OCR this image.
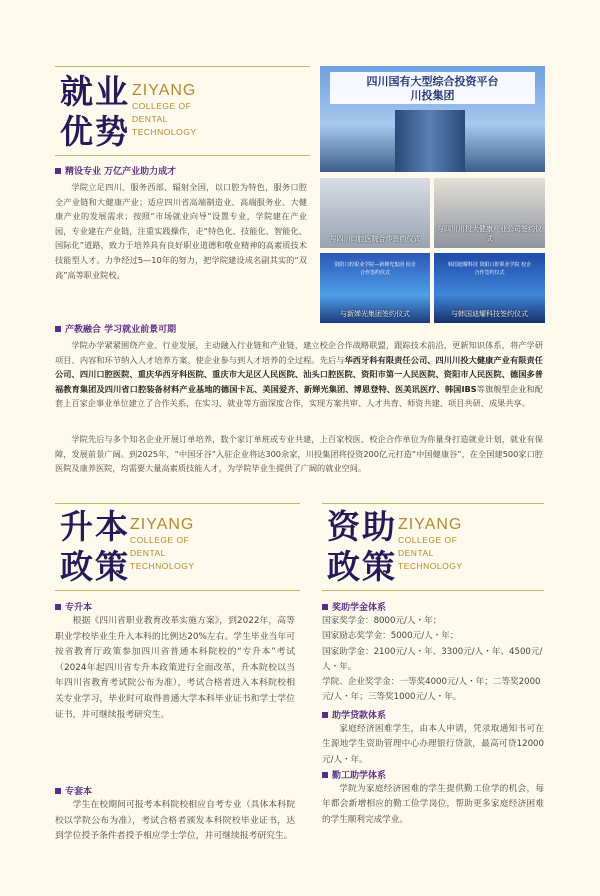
就业
优势
ZIYANG
COLLEGE OF
DENTAL
TECHNOLOGY
精设专业 万亿产业助力成才
学院立足四川、服务西部、辐射全国，以口腔为特色，服务口腔全产业链和大健康产业；适应四川省高端制造业、高端服务业、大健康产业的发展需求；按照“市场就业向导”设置专业，学院建在产业园，专业建在产业链，注重实践操作，走“特色化、技能化、智能化、国际化”道路，致力于培养具有良好职业道德和敬业精神的高素质技术技能型人才。力争经过5—10年的努力，把学院建设成名副其实的“双高”高等职业院校。
产教融合 学习就业前景可期
学院办学紧紧围绕产业、行业发展，主动融入行业链和产业链，建立校企合作战略联盟，跟踪技术前沿，更新知识体系，将产学研项目、内容和环节纳入人才培养方案、使企业参与到人才培养的全过程。先后与华西牙科有限责任公司、四川川投大健康产业有限责任公司、四川口腔医院、重庆华西牙科医院、重庆市大足区人民医院、汕头口腔医院、资阳市第一人民医院、资阳市人民医院、德国多普福教育集团及四川省口腔装备材料产业基地的德国卡瓦、美国爱齐、新婵光集团、博恩登特、医美讯医疗、韩国IBS等旗舰型企业和配套上百家企事业单位建立了合作关系，在实习、就业等方面深度合作，实现方案共审、人才共育、师资共建、项目共研、成果共享。
学院先后与多个知名企业开展订单培养，数个家订单班或专业共建，上百家校医、校企合作单位为你量身打造就业计划，就业有保障，发展前景广阔。到2025年，“中国牙谷”入驻企业将达300余家，川投集团将投资200亿元打造“中国健康谷”、在全国建500家口腔医院及康养医院，均需要大量高素质技能人才，为学院毕业生提供了广阔的就业空间。
四川国有大型综合投资平台
川投集团
与四川口腔医院合作签约仪式
与四川川投大健康产业公司签约仪式
资阳口腔职业学院—新婵光集团 校企合作签约仪式
与新婵光集团签约仪式
韩国迪耀科技 资阳口腔职业学院 校企合作签约仪式
与韩国迪耀科技签约仪式
升本
政策
ZIYANG
COLLEGE OF
DENTAL
TECHNOLOGY
资助
政策
ZIYANG
COLLEGE OF
DENTAL
TECHNOLOGY
专升本
根据《四川省职业教育改革实施方案》，到2022年，高等职业学校毕业生升入本科的比例达20%左右。学生毕业当年可按省教育厅政策参加四川省普通本科院校的“专升本”考试（2024年起四川省专升本政策进行全面改革，升本院校以当年四川省教育考试院公布为准），考试合格者进入本科院校相关专业学习，毕业时可取得普通大学本科毕业证书和学士学位证书，并可继续报考研究生。
专套本
学生在校期间可报考本科院校相应自考专业（具体本科院校以学院公布为准），考试合格者颁发本科院校毕业证书，达到学位授予条件者授予相应学士学位，并可继续报考研究生。
奖助学金体系
国家奖学金：8000元/人・年；
国家励志奖学金：5000元/人・年；
国家助学金：2100元/人・年、3300元/人・年、4500元/人・年。
学院、企业奖学金：一等奖4000元/人・年；二等奖2000元/人・年；三等奖1000元/人・年。
助学贷款体系
家庭经济困难学生，由本人申请，凭录取通知书可在生源地学生资助管理中心办理银行贷款，最高可贷12000元/人・年。
勤工助学体系
学院为家庭经济困难的学生提供勤工俭学的机会，每年都会新增相应的勤工俭学岗位，帮助更多家庭经济困难的学生顺利完成学业。
